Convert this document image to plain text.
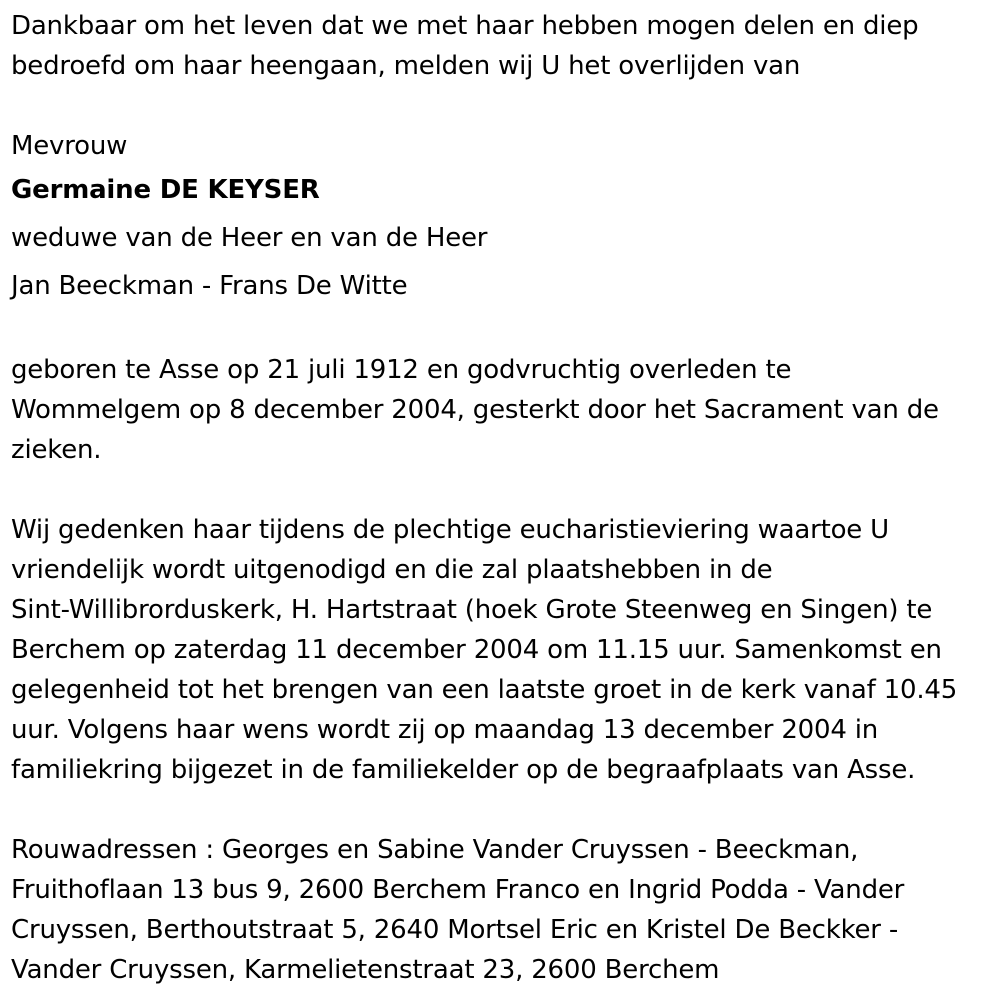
Dankbaar om het leven dat we met haar hebben mogen delen en diep
bedroefd om haar heengaan, melden wij U het overlijden van
Mevrouw
Germaine DE KEYSER
weduwe van de Heer en van de Heer
Jan Beeckman - Frans De Witte
geboren te Asse op 21 juli 1912 en godvruchtig overleden te
Wommelgem op 8 december 2004, gesterkt door het Sacrament van de
zieken.
Wij gedenken haar tijdens de plechtige eucharistieviering waartoe U
vriendelijk wordt uitgenodigd en die zal plaatshebben in de
Sint-Willibrorduskerk, H. Hartstraat (hoek Grote Steenweg en Singen) te
Berchem op zaterdag 11 december 2004 om 11.15 uur. Samenkomst en
gelegenheid tot het brengen van een laatste groet in de kerk vanaf 10.45
uur. Volgens haar wens wordt zij op maandag 13 december 2004 in
familiekring bijgezet in de familiekelder op de begraafplaats van Asse.
Rouwadressen : Georges en Sabine Vander Cruyssen - Beeckman,
Fruithoflaan 13 bus 9, 2600 Berchem Franco en Ingrid Podda - Vander
Cruyssen, Berthoutstraat 5, 2640 Mortsel Eric en Kristel De Beckker -
Vander Cruyssen, Karmelietenstraat 23, 2600 Berchem
